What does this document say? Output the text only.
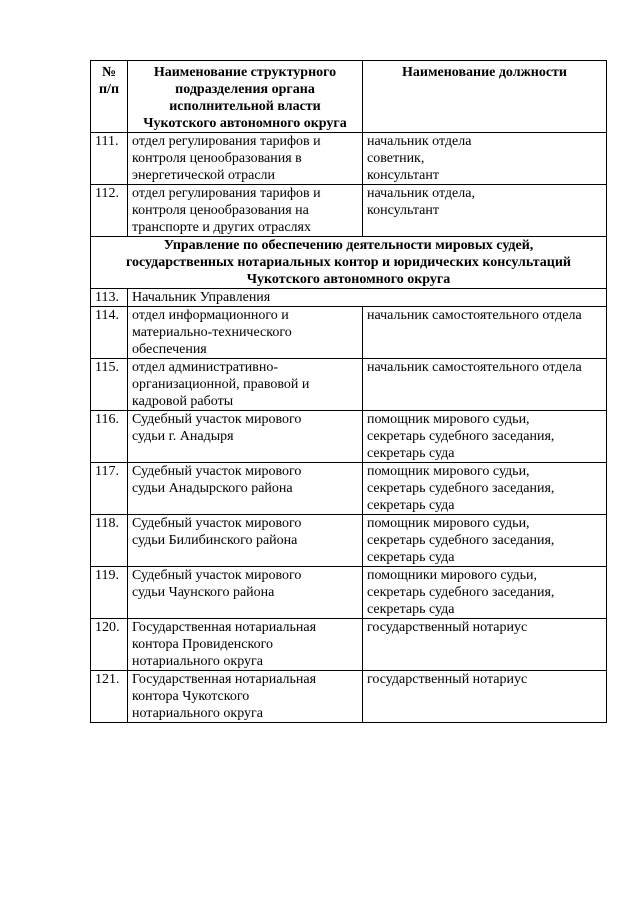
№
п/п	Наименование структурного
подразделения органа
исполнительной власти
Чукотского автономного округа	Наименование должности

111.	отдел регулирования тарифов и
контроля ценообразования в
энергетической отрасли	начальник отдела
советник,
консультант

112.	отдел регулирования тарифов и
контроля ценообразования на
транспорте и других отраслях	начальник отдела,
консультант

Управление по обеспечению деятельности мировых судей,
государственных нотариальных контор и юридических консультаций
Чукотского автономного округа		

113.	Начальник Управления	

114.	отдел информационного и
материально-технического
обеспечения	начальник самостоятельного отдела

115.	отдел административно-
организационной, правовой и
кадровой работы	начальник самостоятельного отдела

116.	Судебный участок мирового
судьи г. Анадыря	помощник мирового судьи,
секретарь судебного заседания,
секретарь суда

117.	Судебный участок мирового
судьи Анадырского района	помощник мирового судьи,
секретарь судебного заседания,
секретарь суда

118.	Судебный участок мирового
судьи Билибинского района	помощник мирового судьи,
секретарь судебного заседания,
секретарь суда

119.	Судебный участок мирового
судьи Чаунского района	помощники мирового судьи,
секретарь судебного заседания,
секретарь суда

120.	Государственная нотариальная
контора Провиденского
нотариального округа	государственный нотариус

121.	Государственная нотариальная
контора Чукотского
нотариального округа	государственный нотариус
